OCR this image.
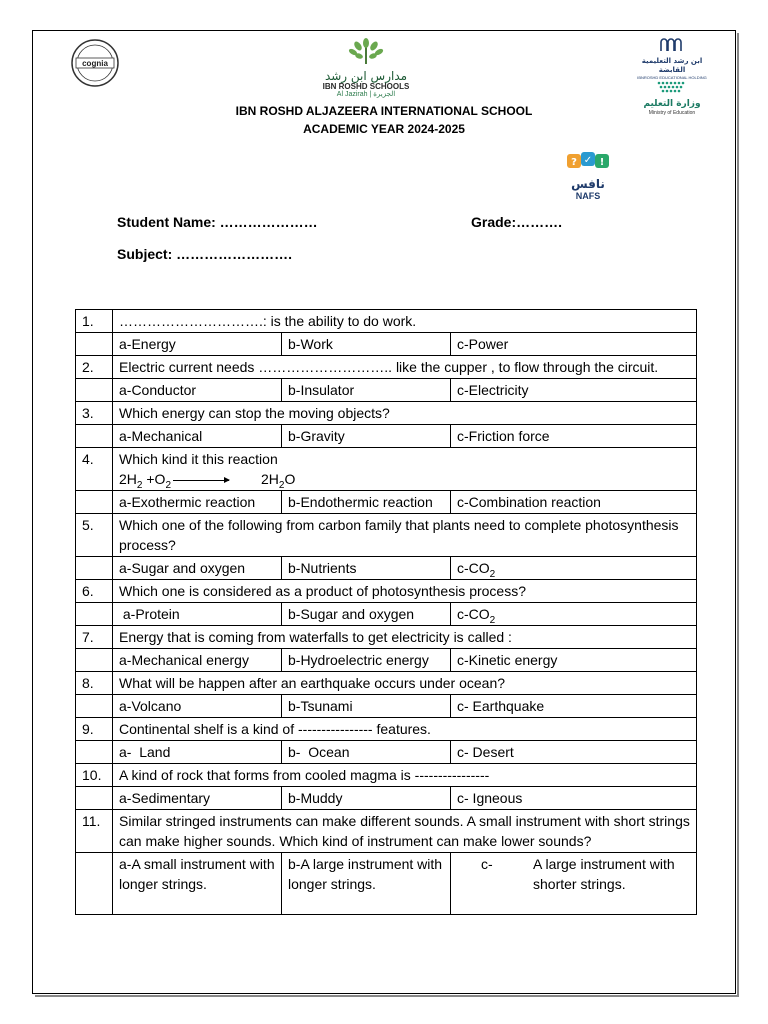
cognia
مدارس ابن رشد
IBN ROSHD SCHOOLS
Al Jazirah | الجزيرة
ابن رشد التعليمية القابضة
IBNROSHD EDUCATIONAL HOLDING
وزارة التعليم
Ministry of Education
? ✓ !
نافس
NAFS
IBN ROSHD ALJAZEERA INTERNATIONAL SCHOOL
ACADEMIC YEAR 2024-2025
Student Name: …………………	Grade:……….
Subject: …………………….
1.	………………………….: is the ability to do work.		
	a-Energy	b-Work	c-Power
2.	Electric current needs ……………………….. like the cupper , to flow through the circuit.		
	a-Conductor	b-Insulator	c-Electricity
3.	Which energy can stop the moving objects?		
	a-Mechanical	b-Gravity	c-Friction force
4.	Which kind it this reaction
$2H_2 +O_2 \to 2H_2O$		

	a-Exothermic reaction	b-Endothermic reaction	c-Combination reaction
5.	Which one of the following from carbon family that plants need to complete photosynthesis process?		
	a-Sugar and oxygen	b-Nutrients	$c-CO_2$
6.	Which one is considered as a product of photosynthesis process?		
	a-Protein	b-Sugar and oxygen	$c-CO_2$
7.	Energy that is coming from waterfalls to get electricity is called :		
	a-Mechanical energy	b-Hydroelectric energy	c-Kinetic energy
8.	What will be happen after an earthquake occurs under ocean?		
	a-Volcano	b-Tsunami	c- Earthquake
9.	Continental shelf is a kind of ---------------- features.		
	a-  Land	b-  Ocean	c- Desert
10.	A kind of rock that forms from cooled magma is ----------------		
	a-Sedimentary	b-Muddy	c- Igneous
11.	Similar stringed instruments can make different sounds. A small instrument with short strings can make higher sounds. Which kind of instrument can make lower sounds?		
	a-A small instrument with longer strings.	b-A large instrument with longer strings.	c- A large instrument with shorter strings.
